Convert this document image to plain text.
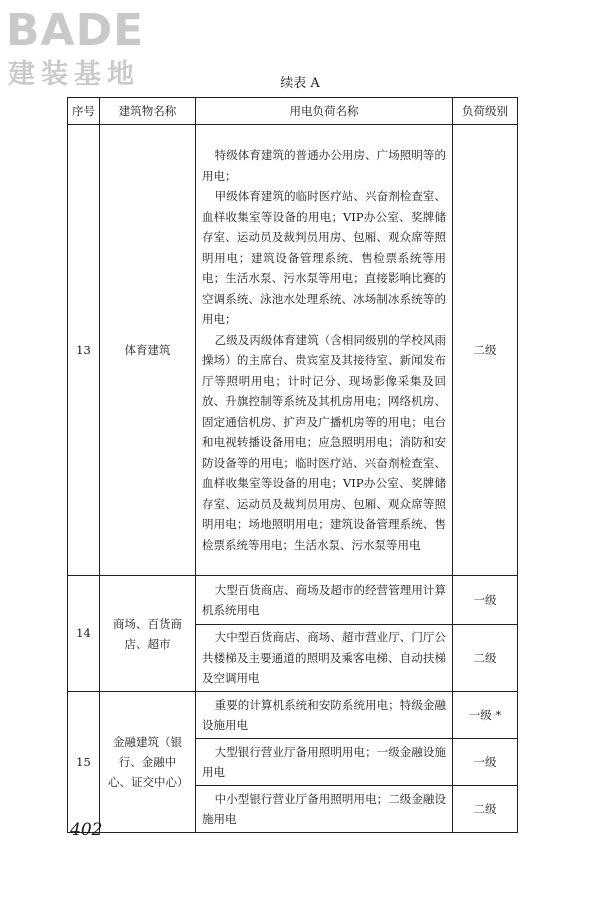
BADE
建装基地	续表 A
序号	建筑物名称	用电负荷名称	负荷级别
13	体育建筑	特级体育建筑的普通办公用房、广场照明等的用电；

甲级体育建筑的临时医疗站、兴奋剂检查室、血样收集室等设备的用电；VIP办公室、奖牌储存室、运动员及裁判员用房、包厢、观众席等照明用电；建筑设备管理系统、售检票系统等用电；生活水泵、污水泵等用电；直接影响比赛的空调系统、泳池水处理系统、冰场制冰系统等的用电；

乙级及丙级体育建筑（含相同级别的学校风雨操场）的主席台、贵宾室及其接待室、新闻发布厅等照明用电；计时记分、现场影像采集及回放、升旗控制等系统及其机房用电；网络机房、固定通信机房、扩声及广播机房等的用电；电台和电视转播设备用电；应急照明用电；消防和安防设备等的用电；临时医疗站、兴奋剂检查室、血样收集室等设备的用电；VIP办公室、奖牌储存室、运动员及裁判员用房、包厢、观众席等照明用电；场地照明用电；建筑设备管理系统、售检票系统等用电；生活水泵、污水泵等用电	二级
14	商场、百货商店、超市	大型百货商店、商场及超市的经营管理用计算机系统用电	一级

		大中型百货商店、商场、超市营业厅、门厅公共楼梯及主要通道的照明及乘客电梯、自动扶梯及空调用电	二级
15	金融建筑（银行、金融中心、证交中心）	重要的计算机系统和安防系统用电；特级金融设施用电	一级 *

		大型银行营业厅备用照明用电；一级金融设施用电	一级

		中小型银行营业厅备用照明用电；二级金融设施用电	二级
402
